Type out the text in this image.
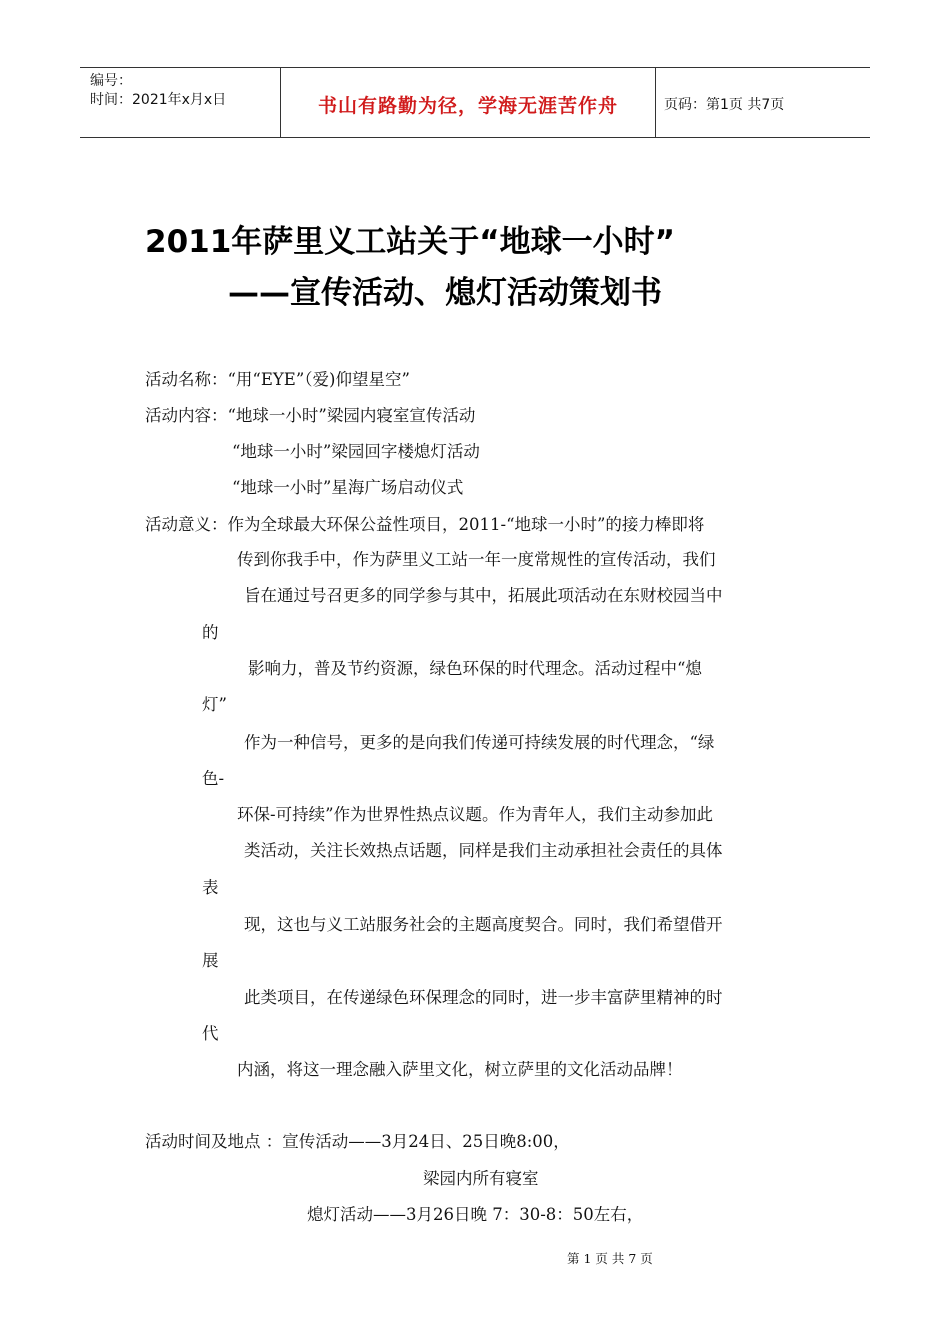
编号：
时间：2021年x月x日	书山有路勤为径，学海无涯苦作舟	页码：第1页 共7页
2011年萨里义工站关于“地球一小时”
——宣传活动、熄灯活动策划书
活动名称：“用“EYE”（爱)仰望星空”
活动内容：“地球一小时”梁园内寝室宣传活动
“地球一小时”梁园回字楼熄灯活动
“地球一小时”星海广场启动仪式
活动意义：作为全球最大环保公益性项目，2011-“地球一小时”的接力棒即将
传到你我手中，作为萨里义工站一年一度常规性的宣传活动，我们
旨在通过号召更多的同学参与其中，拓展此项活动在东财校园当中
的
影响力，普及节约资源，绿色环保的时代理念。活动过程中“熄
灯”
作为一种信号，更多的是向我们传递可持续发展的时代理念，“绿
色-
环保-可持续”作为世界性热点议题。作为青年人，我们主动参加此
类活动，关注长效热点话题，同样是我们主动承担社会责任的具体
表
现，这也与义工站服务社会的主题高度契合。同时，我们希望借开
展
此类项目，在传递绿色环保理念的同时，进一步丰富萨里精神的时
代
内涵，将这一理念融入萨里文化，树立萨里的文化活动品牌！
活动时间及地点 ：宣传活动——3月24日、25日晚8:00，
梁园内所有寝室
熄灯活动——3月26日晚 7：30-8：50左右，
第 1 页 共 7 页
